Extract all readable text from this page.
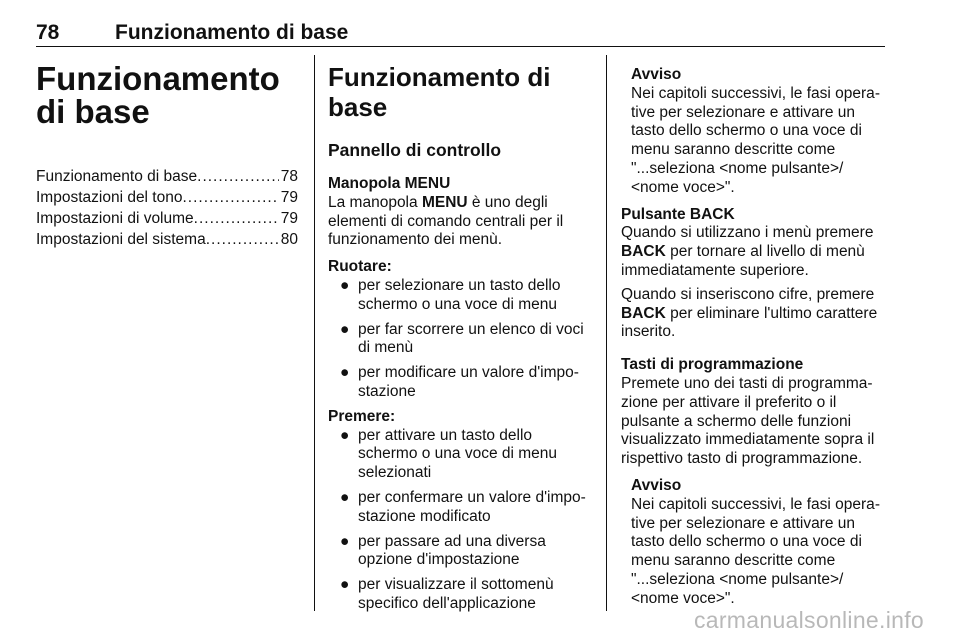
78	Funzionamento di base
Funzionamento di base
Funzionamento di base .....	78
Impostazioni del tono .....	79
Impostazioni di volume .....	79
Impostazioni del sistema .....	80
Funzionamento di base
Pannello di controllo

Manopola MENU

La manopola MENU è uno degli elementi di comando centrali per il funzionamento dei menù.

Ruotare:

● per selezionare un tasto dello schermo o una voce di menu
● per far scorrere un elenco di voci di menù
● per modificare un valore d'impostazione

Premere:

● per attivare un tasto dello schermo o una voce di menu selezionati
● per confermare un valore d'impostazione modificato
● per passare ad una diversa opzione d'impostazione
● per visualizzare il sottomenù specifico dell'applicazione

Avviso

Nei capitoli successivi, le fasi operative per selezionare e attivare un tasto dello schermo o una voce di menu saranno descritte come "...seleziona <nome pulsante>/ <nome voce>".

Pulsante BACK

Quando si utilizzano i menù premere BACK per tornare al livello di menù immediatamente superiore.

Quando si inseriscono cifre, premere BACK per eliminare l'ultimo carattere inserito.

Tasti di programmazione

Premete uno dei tasti di programmazione per attivare il preferito o il pulsante a schermo delle funzioni visualizzato immediatamente sopra il rispettivo tasto di programmazione.

Avviso

Nei capitoli successivi, le fasi operative per selezionare e attivare un tasto dello schermo o una voce di menu saranno descritte come "...seleziona <nome pulsante>/ <nome voce>".

carmanualsonline.info
